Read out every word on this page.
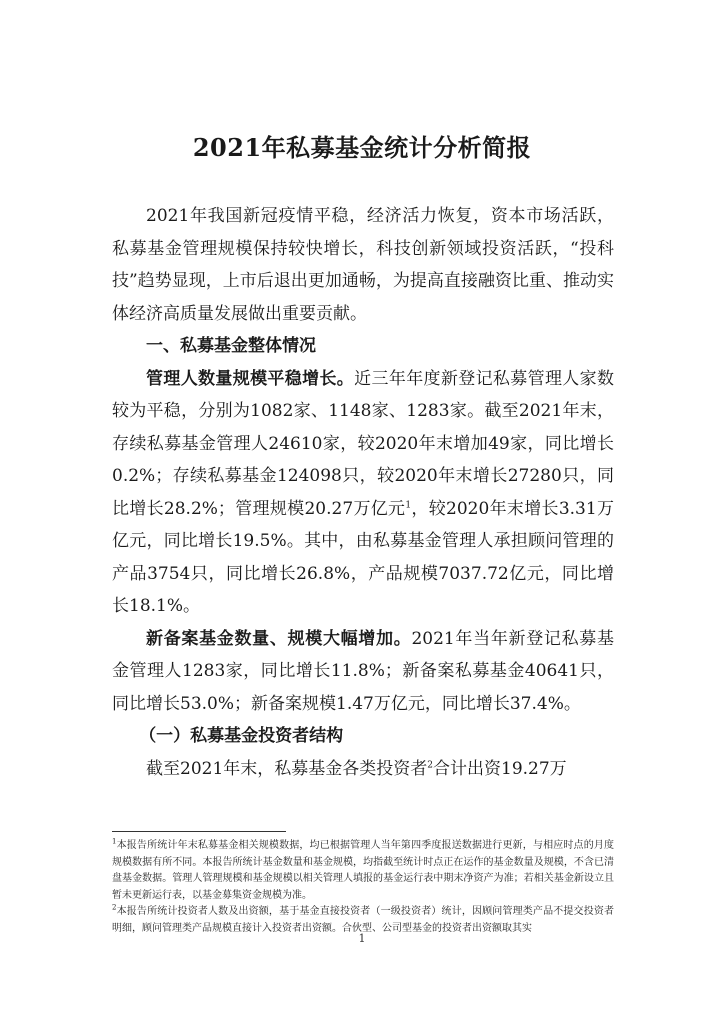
2021年私募基金统计分析简报

2021年我国新冠疫情平稳，经济活力恢复，资本市场活跃，私募基金管理规模保持较快增长，科技创新领域投资活跃，“投科技”趋势显现，上市后退出更加通畅，为提高直接融资比重、推动实体经济高质量发展做出重要贡献。

一、私募基金整体情况

管理人数量规模平稳增长。近三年年度新登记私募管理人家数较为平稳，分别为1082家、1148家、1283家。截至2021年末，存续私募基金管理人24610家，较2020年末增加49家，同比增长0.2%；存续私募基金124098只，较2020年末增长27280只，同比增长28.2%；管理规模20.27万亿元$^1$，较2020年末增长3.31万亿元，同比增长19.5%。其中，由私募基金管理人承担顾问管理的产品3754只，同比增长26.8%，产品规模7037.72亿元，同比增长18.1%。

新备案基金数量、规模大幅增加。2021年当年新登记私募基金管理人1283家，同比增长11.8%；新备案私募基金40641只，同比增长53.0%；新备案规模1.47万亿元，同比增长37.4%。

（一）私募基金投资者结构

截至2021年末，私募基金各类投资者$^2$合计出资19.27万

$^1$本报告所统计年末私募基金相关规模数据，均已根据管理人当年第四季度报送数据进行更新，与相应时点的月度规模数据有所不同。本报告所统计基金数量和基金规模，均指截至统计时点正在运作的基金数量及规模，不含已清盘基金数据。管理人管理规模和基金规模以相关管理人填报的基金运行表中期末净资产为准；若相关基金新设立且暂未更新运行表，以基金募集资金规模为准。

$^2$本报告所统计投资者人数及出资额，基于基金直接投资者（一级投资者）统计，因顾问管理类产品不提交投资者明细，顾问管理类产品规模直接计入投资者出资额。合伙型、公司型基金的投资者出资额取其实

1
